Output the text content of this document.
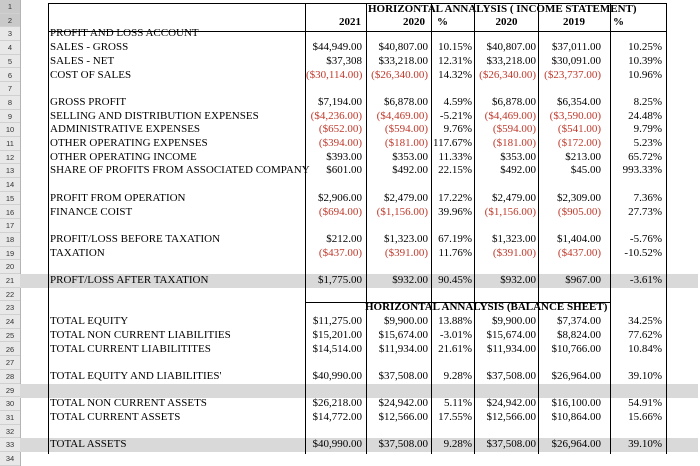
1
2
3
4
5
6
7
8
9
10
11
12
13
14
15
16
17
18
19
20
21
22
23
24
25
26
27
28
29
30
31
32
33
34
HORIZONTAL ANNALYSIS ( INCOME STATEMENT)
HORIZONTAL ANNALYSIS (BALANCE SHEET)
2021	2020 %	2020	2019	%
PROFIT AND LOSS ACCOUNT
SALES - GROSS	$44,949.00	$40,807.00 10.15%	$40,807.00	$37,011.00	10.25%
SALES - NET	$37,308	$33,218.00 12.31%	$33,218.00	$30,091.00	10.39%
COST OF SALES	($30,114.00) ($26,340.00) 14.32% ($26,340.00) ($23,737.00)	10.96%
GROSS PROFIT	$7,194.00	$6,878.00	4.59%	$6,878.00	$6,354.00	8.25%
SELLING AND DISTRIBUTION EXPENSES	($4,236.00)	($4,469.00)	-5.21%	($4,469.00)	($3,590.00)	24.48%
ADMINISTRATIVE EXPENSES	($652.00)	($594.00)	9.76%	($594.00)	($541.00)	9.79%
OTHER OPERATING EXPENSES	($394.00)	($181.00) 117.67%	($181.00)	($172.00)	5.23%
OTHER OPERATING INCOME	$393.00	$353.00 11.33%	$353.00	$213.00	65.72%
SHARE OF PROFITS FROM ASSOCIATED COMPANY	$601.00	$492.00 22.15%	$492.00	$45.00	993.33%
PROFIT FROM OPERATION	$2,906.00	$2,479.00 17.22%	$2,479.00	$2,309.00	7.36%
FINANCE COIST	($694.00)	($1,156.00) 39.96%	($1,156.00)	($905.00)	27.73%
PROFIT/LOSS BEFORE TAXATION	$212.00	$1,323.00 67.19%	$1,323.00	$1,404.00	-5.76%
TAXATION	($437.00)	($391.00) 11.76%	($391.00)	($437.00)	-10.52%
PROFT/LOSS AFTER TAXATION	$1,775.00	$932.00 90.45%	$932.00	$967.00	-3.61%
TOTAL EQUITY	$11,275.00	$9,900.00 13.88%	$9,900.00	$7,374.00	34.25%
TOTAL NON CURRENT LIABILITIES	$15,201.00	$15,674.00	-3.01%	$15,674.00	$8,824.00	77.62%
TOTAL CURRENT LIABILITITES	$14,514.00	$11,934.00 21.61%	$11,934.00	$10,766.00	10.84%
TOTAL EQUITY AND LIABILITIES'	$40,990.00	$37,508.00	9.28%	$37,508.00	$26,964.00	39.10%
TOTAL NON CURRENT ASSETS	$26,218.00	$24,942.00	5.11%	$24,942.00	$16,100.00	54.91%
TOTAL CURRENT ASSETS	$14,772.00	$12,566.00 17.55%	$12,566.00	$10,864.00	15.66%
TOTAL ASSETS	$40,990.00	$37,508.00	9.28%	$37,508.00	$26,964.00	39.10%
